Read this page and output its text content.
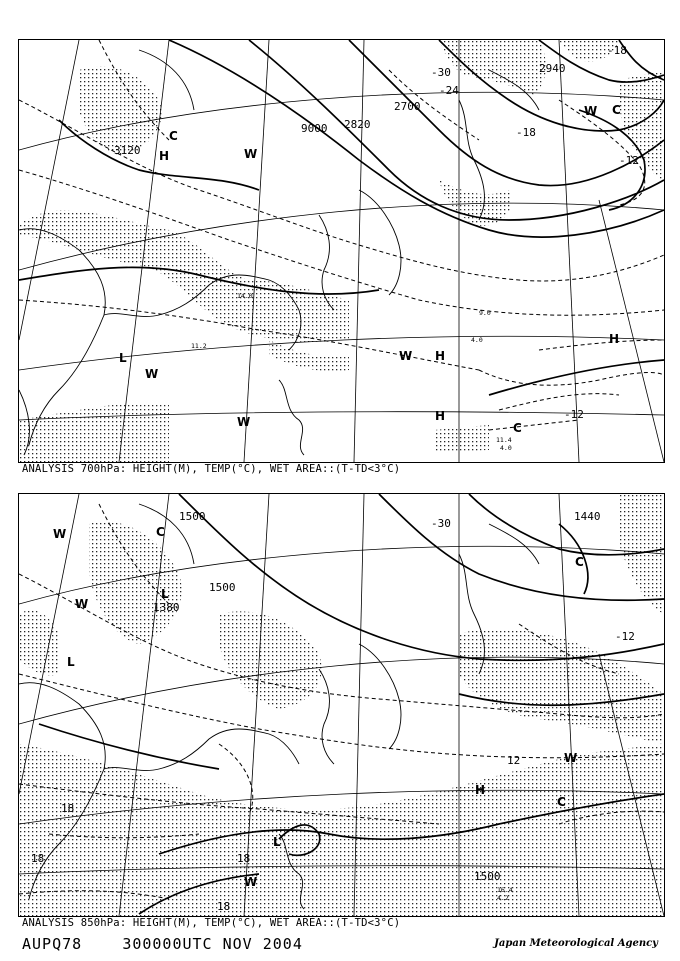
9000
2700
2820
2940
3120
-18
-24
-30
-18
-12
-12
L
H
H
H
H
W
W
W
W
W C
C
C
11.4
4.0
9.0
4.0
11.2
14.0
ANALYSIS 700hPa: HEIGHT(M), TEMP(°C), WET AREA::(T-TD<3°C)
1500
1500
1440
1380
1500
-30
-12
12
18
18	18
18
L
L
L
H
W
W
W
W
C
C
C
16.4
4.2
ANALYSIS 850hPa: HEIGHT(M), TEMP(°C), WET AREA::(T-TD<3°C)
AUPQ78	300000UTC NOV 2004	Japan Meteorological Agency
